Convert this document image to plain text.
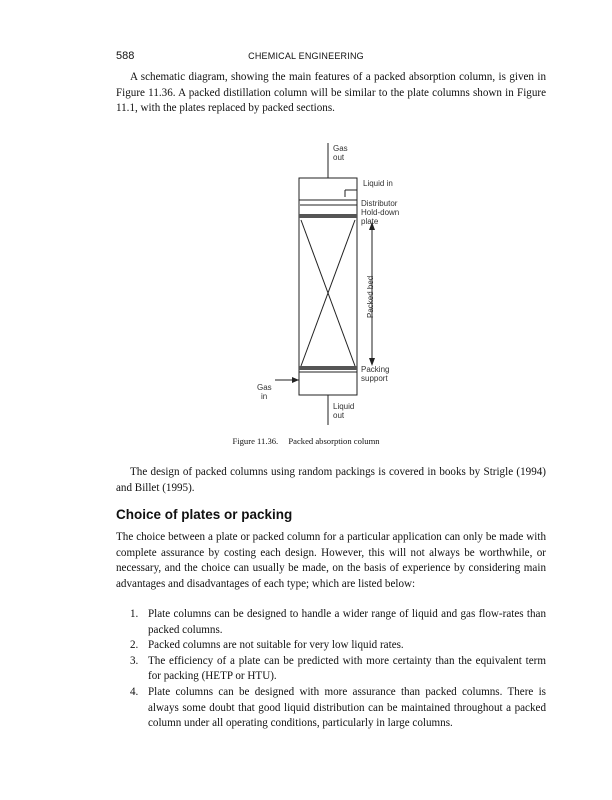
588	CHEMICAL ENGINEERING

A schematic diagram, showing the main features of a packed absorption column, is given in Figure 11.36. A packed distillation column will be similar to the plate columns shown in Figure 11.1, with the plates replaced by packed sections.

Gas
out
Liquid in
Distributor
Hold-down
plate
Packed bed
Packing
support
Gas
in
Liquid
out
Figure 11.36. Packed absorption column

The design of packed columns using random packings is covered in books by Strigle (1994) and Billet (1995).

Choice of plates or packing

The choice between a plate or packed column for a particular application can only be made with complete assurance by costing each design. However, this will not always be worthwhile, or necessary, and the choice can usually be made, on the basis of experience by considering main advantages and disadvantages of each type; which are listed below:

1. Plate columns can be designed to handle a wider range of liquid and gas flow-rates than packed columns.
2. Packed columns are not suitable for very low liquid rates.
3. The efficiency of a plate can be predicted with more certainty than the equivalent term for packing (HETP or HTU).
4. Plate columns can be designed with more assurance than packed columns. There is always some doubt that good liquid distribution can be maintained throughout a packed column under all operating conditions, particularly in large columns.
